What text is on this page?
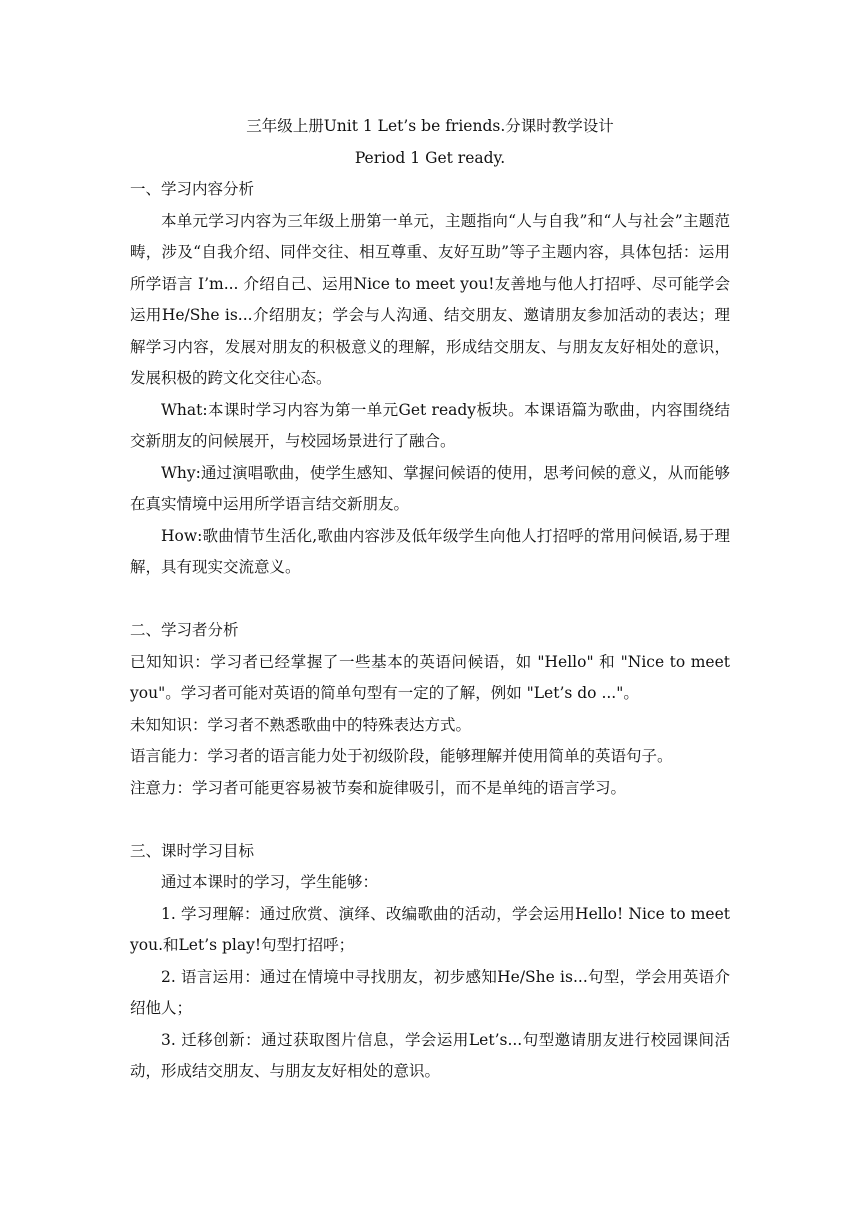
三年级上册Unit 1 Let’s be friends.分课时教学设计
Period 1 Get ready.
一、学习内容分析

本单元学习内容为三年级上册第一单元，主题指向“人与自我”和“人与社会”主题范畴，涉及“自我介绍、同伴交往、相互尊重、友好互助”等子主题内容，具体包括：运用所学语言 I’m... 介绍自己、运用Nice to meet you!友善地与他人打招呼、尽可能学会运用He/She is...介绍朋友；学会与人沟通、结交朋友、邀请朋友参加活动的表达；理解学习内容，发展对朋友的积极意义的理解，形成结交朋友、与朋友友好相处的意识，发展积极的跨文化交往心态。

What:本课时学习内容为第一单元Get ready板块。本课语篇为歌曲，内容围绕结交新朋友的问候展开，与校园场景进行了融合。

Why:通过演唱歌曲，使学生感知、掌握问候语的使用，思考问候的意义，从而能够在真实情境中运用所学语言结交新朋友。

How:歌曲情节生活化,歌曲内容涉及低年级学生向他人打招呼的常用问候语,易于理解，具有现实交流意义。

二、学习者分析

已知知识：学习者已经掌握了一些基本的英语问候语，如 "Hello" 和 "Nice to meet you"。学习者可能对英语的简单句型有一定的了解，例如 "Let’s do ..."。

未知知识：学习者不熟悉歌曲中的特殊表达方式。

语言能力：学习者的语言能力处于初级阶段，能够理解并使用简单的英语句子。

注意力：学习者可能更容易被节奏和旋律吸引，而不是单纯的语言学习。

三、课时学习目标

通过本课时的学习，学生能够：

1. 学习理解：通过欣赏、演绎、改编歌曲的活动，学会运用Hello! Nice to meet you.和Let’s play!句型打招呼；

2. 语言运用：通过在情境中寻找朋友，初步感知He/She is...句型，学会用英语介绍他人；

3. 迁移创新：通过获取图片信息，学会运用Let’s...句型邀请朋友进行校园课间活动，形成结交朋友、与朋友友好相处的意识。
